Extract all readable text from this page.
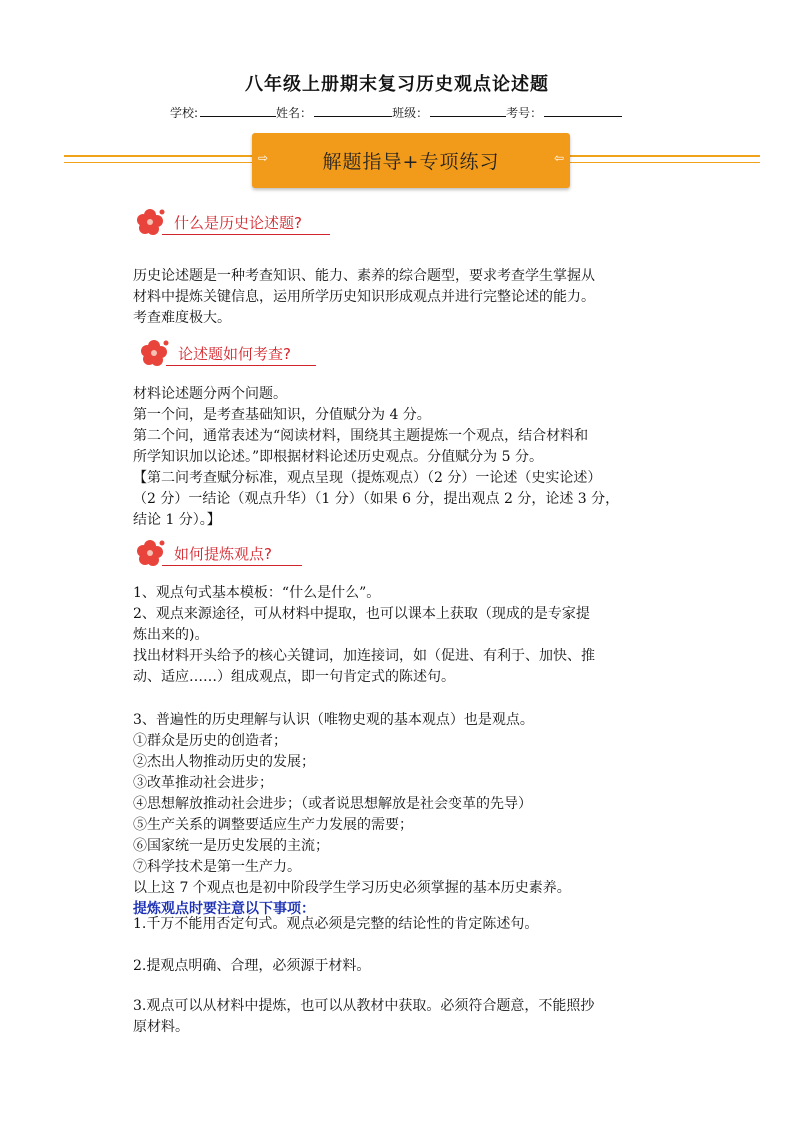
八年级上册期末复习历史观点论述题
学校:	姓名：	班级：	考号：
⇨	解题指导+专项练习	⇦
什么是历史论述题?

历史论述题是一种考查知识、能力、素养的综合题型，要求考查学生掌握从

材料中提炼关键信息，运用所学历史知识形成观点并进行完整论述的能力。

考查难度极大。

论述题如何考查?

材料论述题分两个问题。

第一个问，是考查基础知识，分值赋分为 4 分。

第二个问，通常表述为“阅读材料，围绕其主题提炼一个观点，结合材料和

所学知识加以论述。”即根据材料论述历史观点。分值赋分为 5 分。

【第二问考查赋分标准，观点呈现（提炼观点）（2 分）一论述（史实论述）

（2 分）一结论（观点升华）（1 分）（如果 6 分，提出观点 2 分，论述 3 分，

结论 1 分）。】

如何提炼观点?

1、观点句式基本模板：“什么是什么”。

2、观点来源途径，可从材料中提取，也可以课本上获取（现成的是专家提

炼出来的)。

找出材料开头给予的核心关键词，加连接词，如（促进、有利于、加快、推

动、适应……）组成观点，即一句肯定式的陈述句。

3、普遍性的历史理解与认识（唯物史观的基本观点）也是观点。

①群众是历史的创造者；

②杰出人物推动历史的发展；

③改革推动社会进步；

④思想解放推动社会进步；（或者说思想解放是社会变革的先导）

⑤生产关系的调整要适应生产力发展的需要；

⑥国家统一是历史发展的主流；

⑦科学技术是第一生产力。

以上这 7 个观点也是初中阶段学生学习历史必须掌握的基本历史素养。

提炼观点时要注意以下事项：

1.千万不能用否定句式。观点必须是完整的结论性的肯定陈述句。

2.提观点明确、合理，必须源于材料。

3.观点可以从材料中提炼，也可以从教材中获取。必须符合题意，不能照抄

原材料。
